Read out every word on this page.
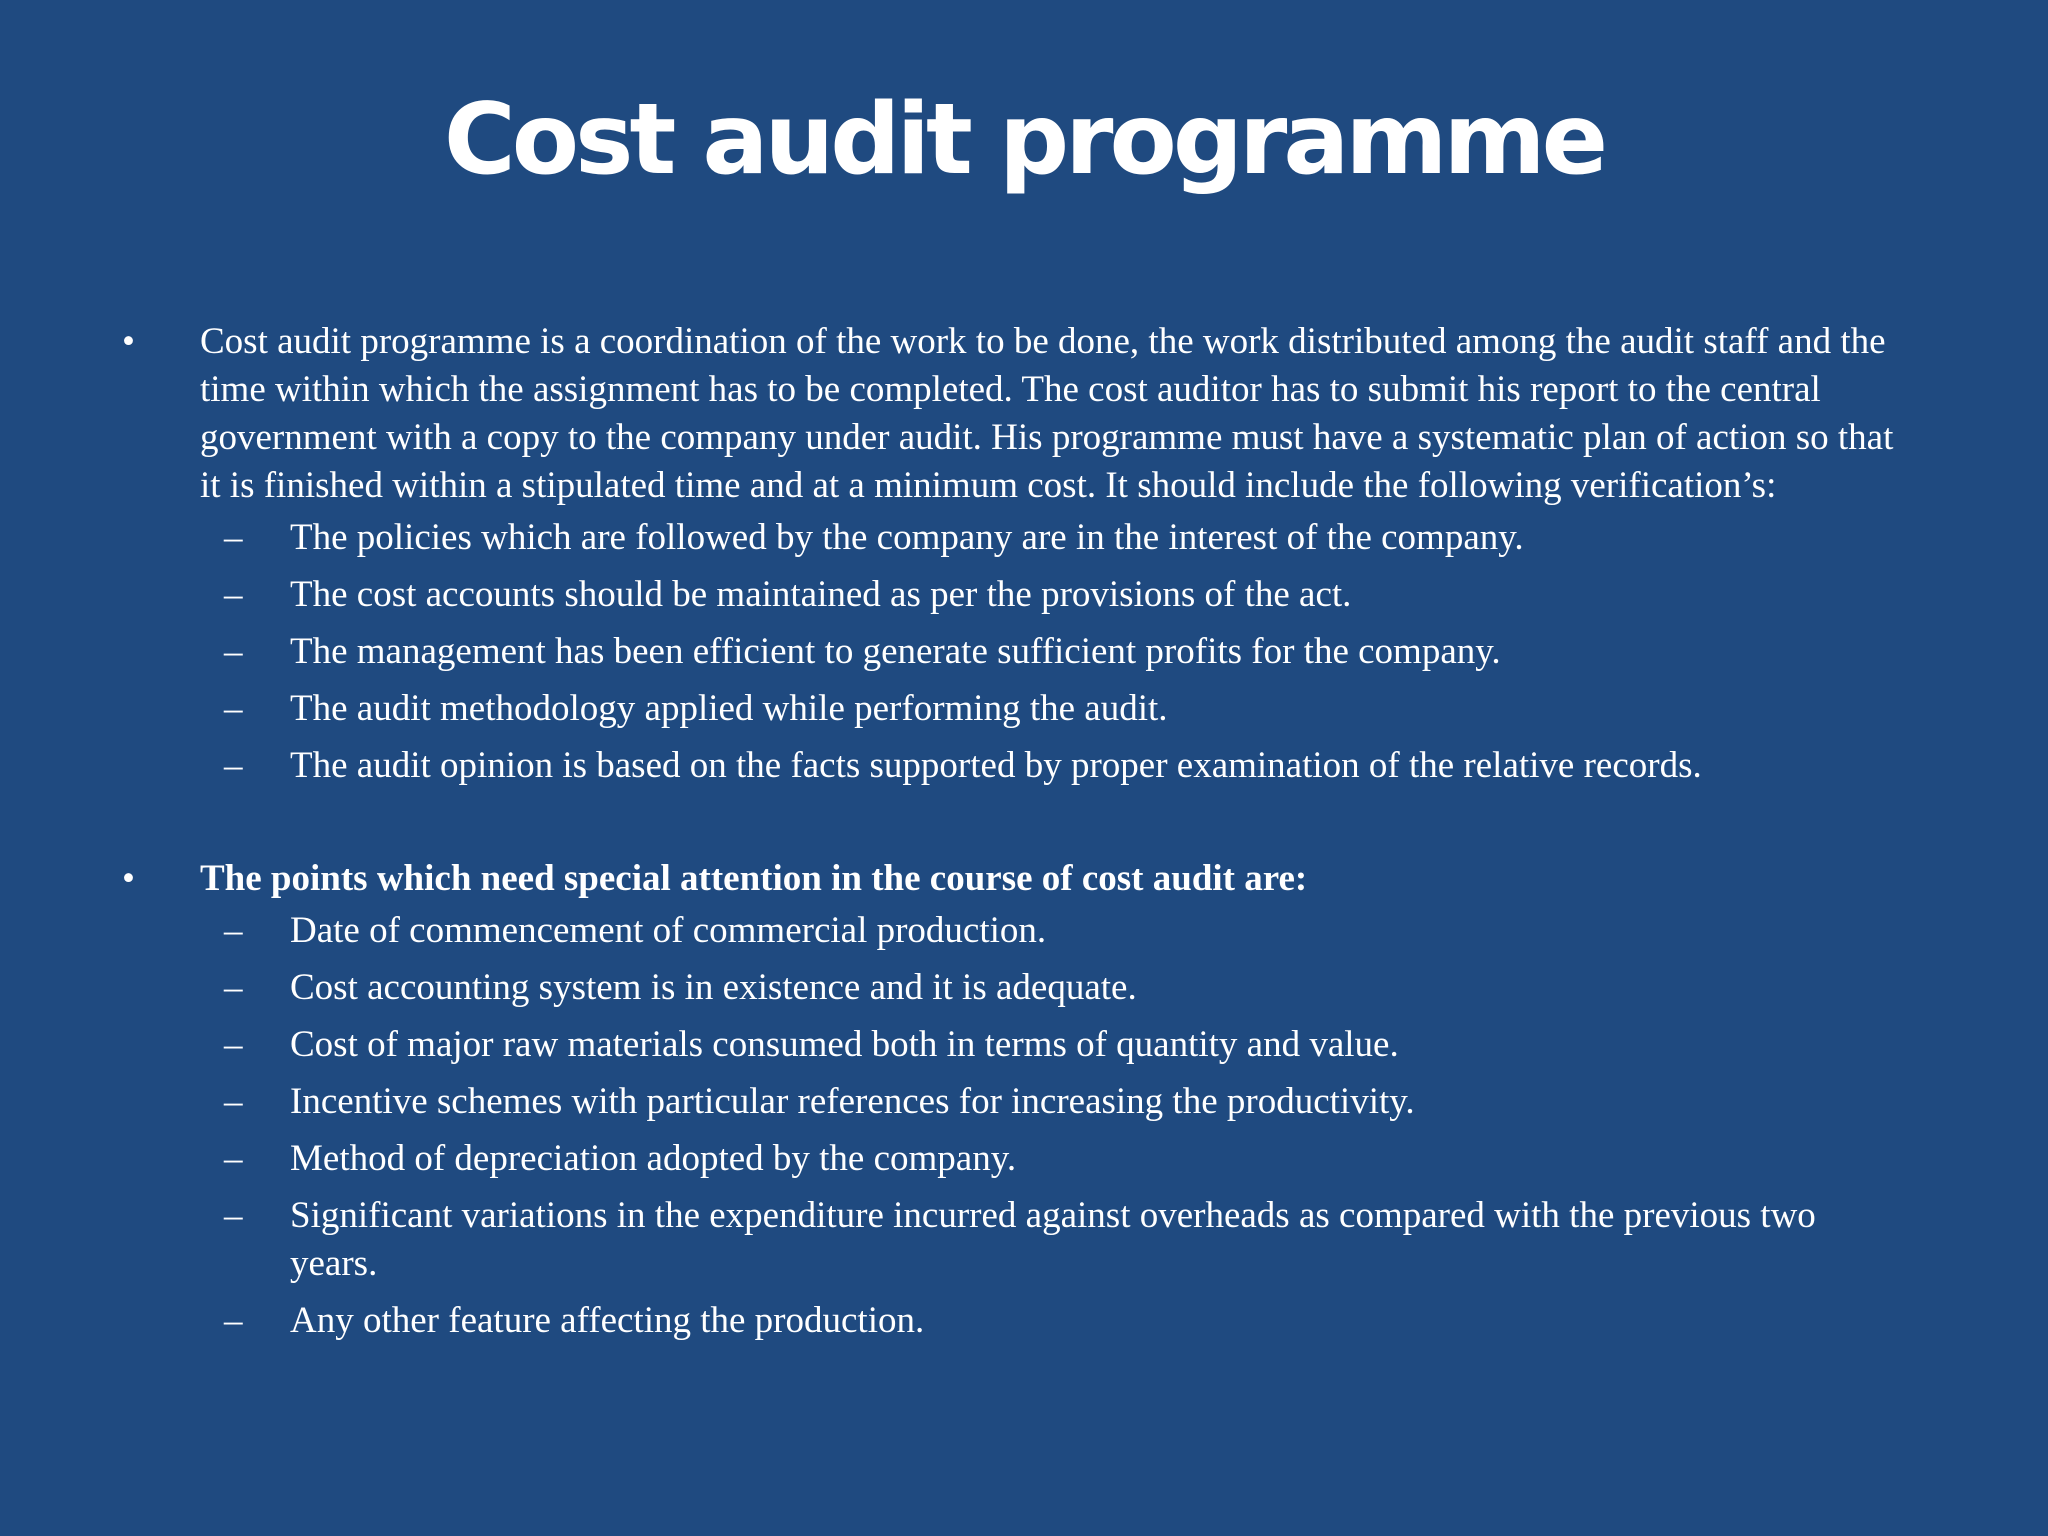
Cost audit programme
• Cost audit programme is a coordination of the work to be done, the work distributed among the audit staff and the time within which the assignment has to be completed. The cost auditor has to submit his report to the central government with a copy to the company under audit. His programme must have a systematic plan of action so that it is finished within a stipulated time and at a minimum cost. It should include the following verification’s:
– The policies which are followed by the company are in the interest of the company.
– The cost accounts should be maintained as per the provisions of the act.
– The management has been efficient to generate sufficient profits for the company.
– The audit methodology applied while performing the audit.
– The audit opinion is based on the facts supported by proper examination of the relative records.
• The points which need special attention in the course of cost audit are:
– Date of commencement of commercial production.
– Cost accounting system is in existence and it is adequate.
– Cost of major raw materials consumed both in terms of quantity and value.
– Incentive schemes with particular references for increasing the productivity.
– Method of depreciation adopted by the company.
– Significant variations in the expenditure incurred against overheads as compared with the previous two years.
– Any other feature affecting the production.
